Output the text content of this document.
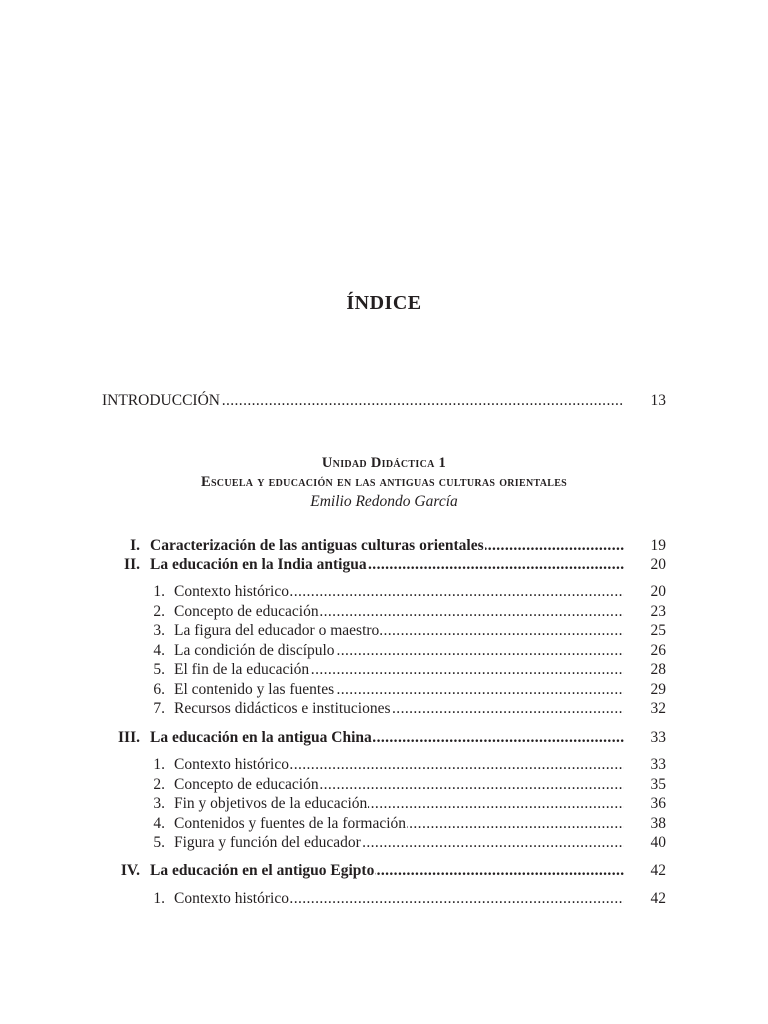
ÍNDICE
.....
INTRODUCCIÓN	13
Unidad Didáctica 1
Escuela y educación en las antiguas culturas orientales
Emilio Redondo García
I. ..... Caracterización de las antiguas culturas orientales	19
II. ..... La educación en la India antigua	20
1. ..... Contexto histórico	20
2. ..... Concepto de educación	23
3. ..... La figura del educador o maestro	25
4. ..... La condición de discípulo	26
5. ..... El fin de la educación	28
6. ..... El contenido y las fuentes	29
7. ..... Recursos didácticos e instituciones	32
III. ..... La educación en la antigua China	33
1. ..... Contexto histórico	33
2. ..... Concepto de educación	35
3. ..... Fin y objetivos de la educación	36
4. ..... Contenidos y fuentes de la formación	38
5. ..... Figura y función del educador	40
IV. ..... La educación en el antiguo Egipto	42
1. ..... Contexto histórico	42
